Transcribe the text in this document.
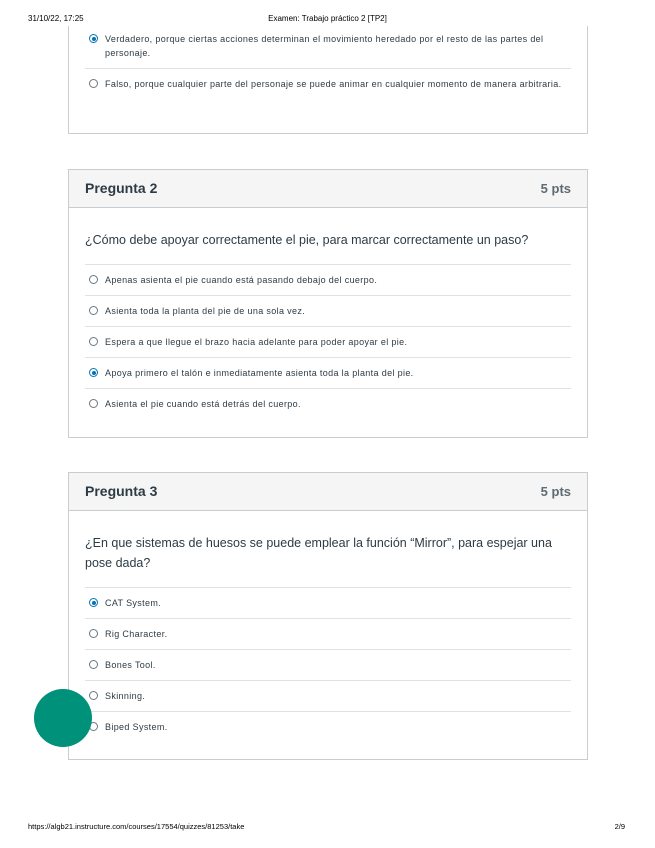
31/10/22, 17:25	Examen: Trabajo práctico 2 [TP2]
Verdadero, porque ciertas acciones determinan el movimiento heredado por el resto de las partes del personaje.
Falso, porque cualquier parte del personaje se puede animar en cualquier momento de manera arbitraria.
Pregunta 2	5 pts
¿Cómo debe apoyar correctamente el pie, para marcar correctamente un paso?
Apenas asienta el pie cuando está pasando debajo del cuerpo.
Asienta toda la planta del pie de una sola vez.
Espera a que llegue el brazo hacia adelante para poder apoyar el pie.
Apoya primero el talón e inmediatamente asienta toda la planta del pie.
Asienta el pie cuando está detrás del cuerpo.
Pregunta 3	5 pts
¿En que sistemas de huesos se puede emplear la función “Mirror”, para espejar una pose dada?
CAT System.
Rig Character.
Bones Tool.
Skinning.
Biped System.
https://algb21.instructure.com/courses/17554/quizzes/81253/take	2/9
